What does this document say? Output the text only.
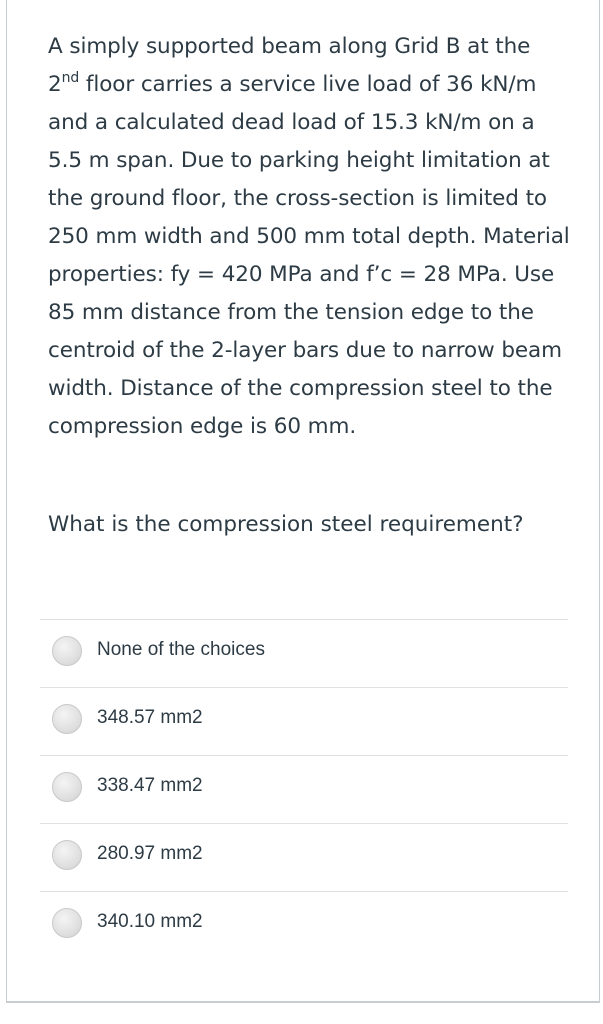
A simply supported beam along Grid B at the

2nd floor carries a service live load of 36 kN/m

and a calculated dead load of 15.3 kN/m on a 5.5 m span. Due to parking height limitation at the ground floor, the cross-section is limited to 250 mm width and 500 mm total depth. Material properties: fy = 420 MPa and f’c = 28 MPa. Use 85 mm distance from the tension edge to the centroid of the 2-layer bars due to narrow beam width. Distance of the compression steel to the compression edge is 60 mm.

What is the compression steel requirement?
None of the choices
348.57 mm2
338.47 mm2
280.97 mm2
340.10 mm2
